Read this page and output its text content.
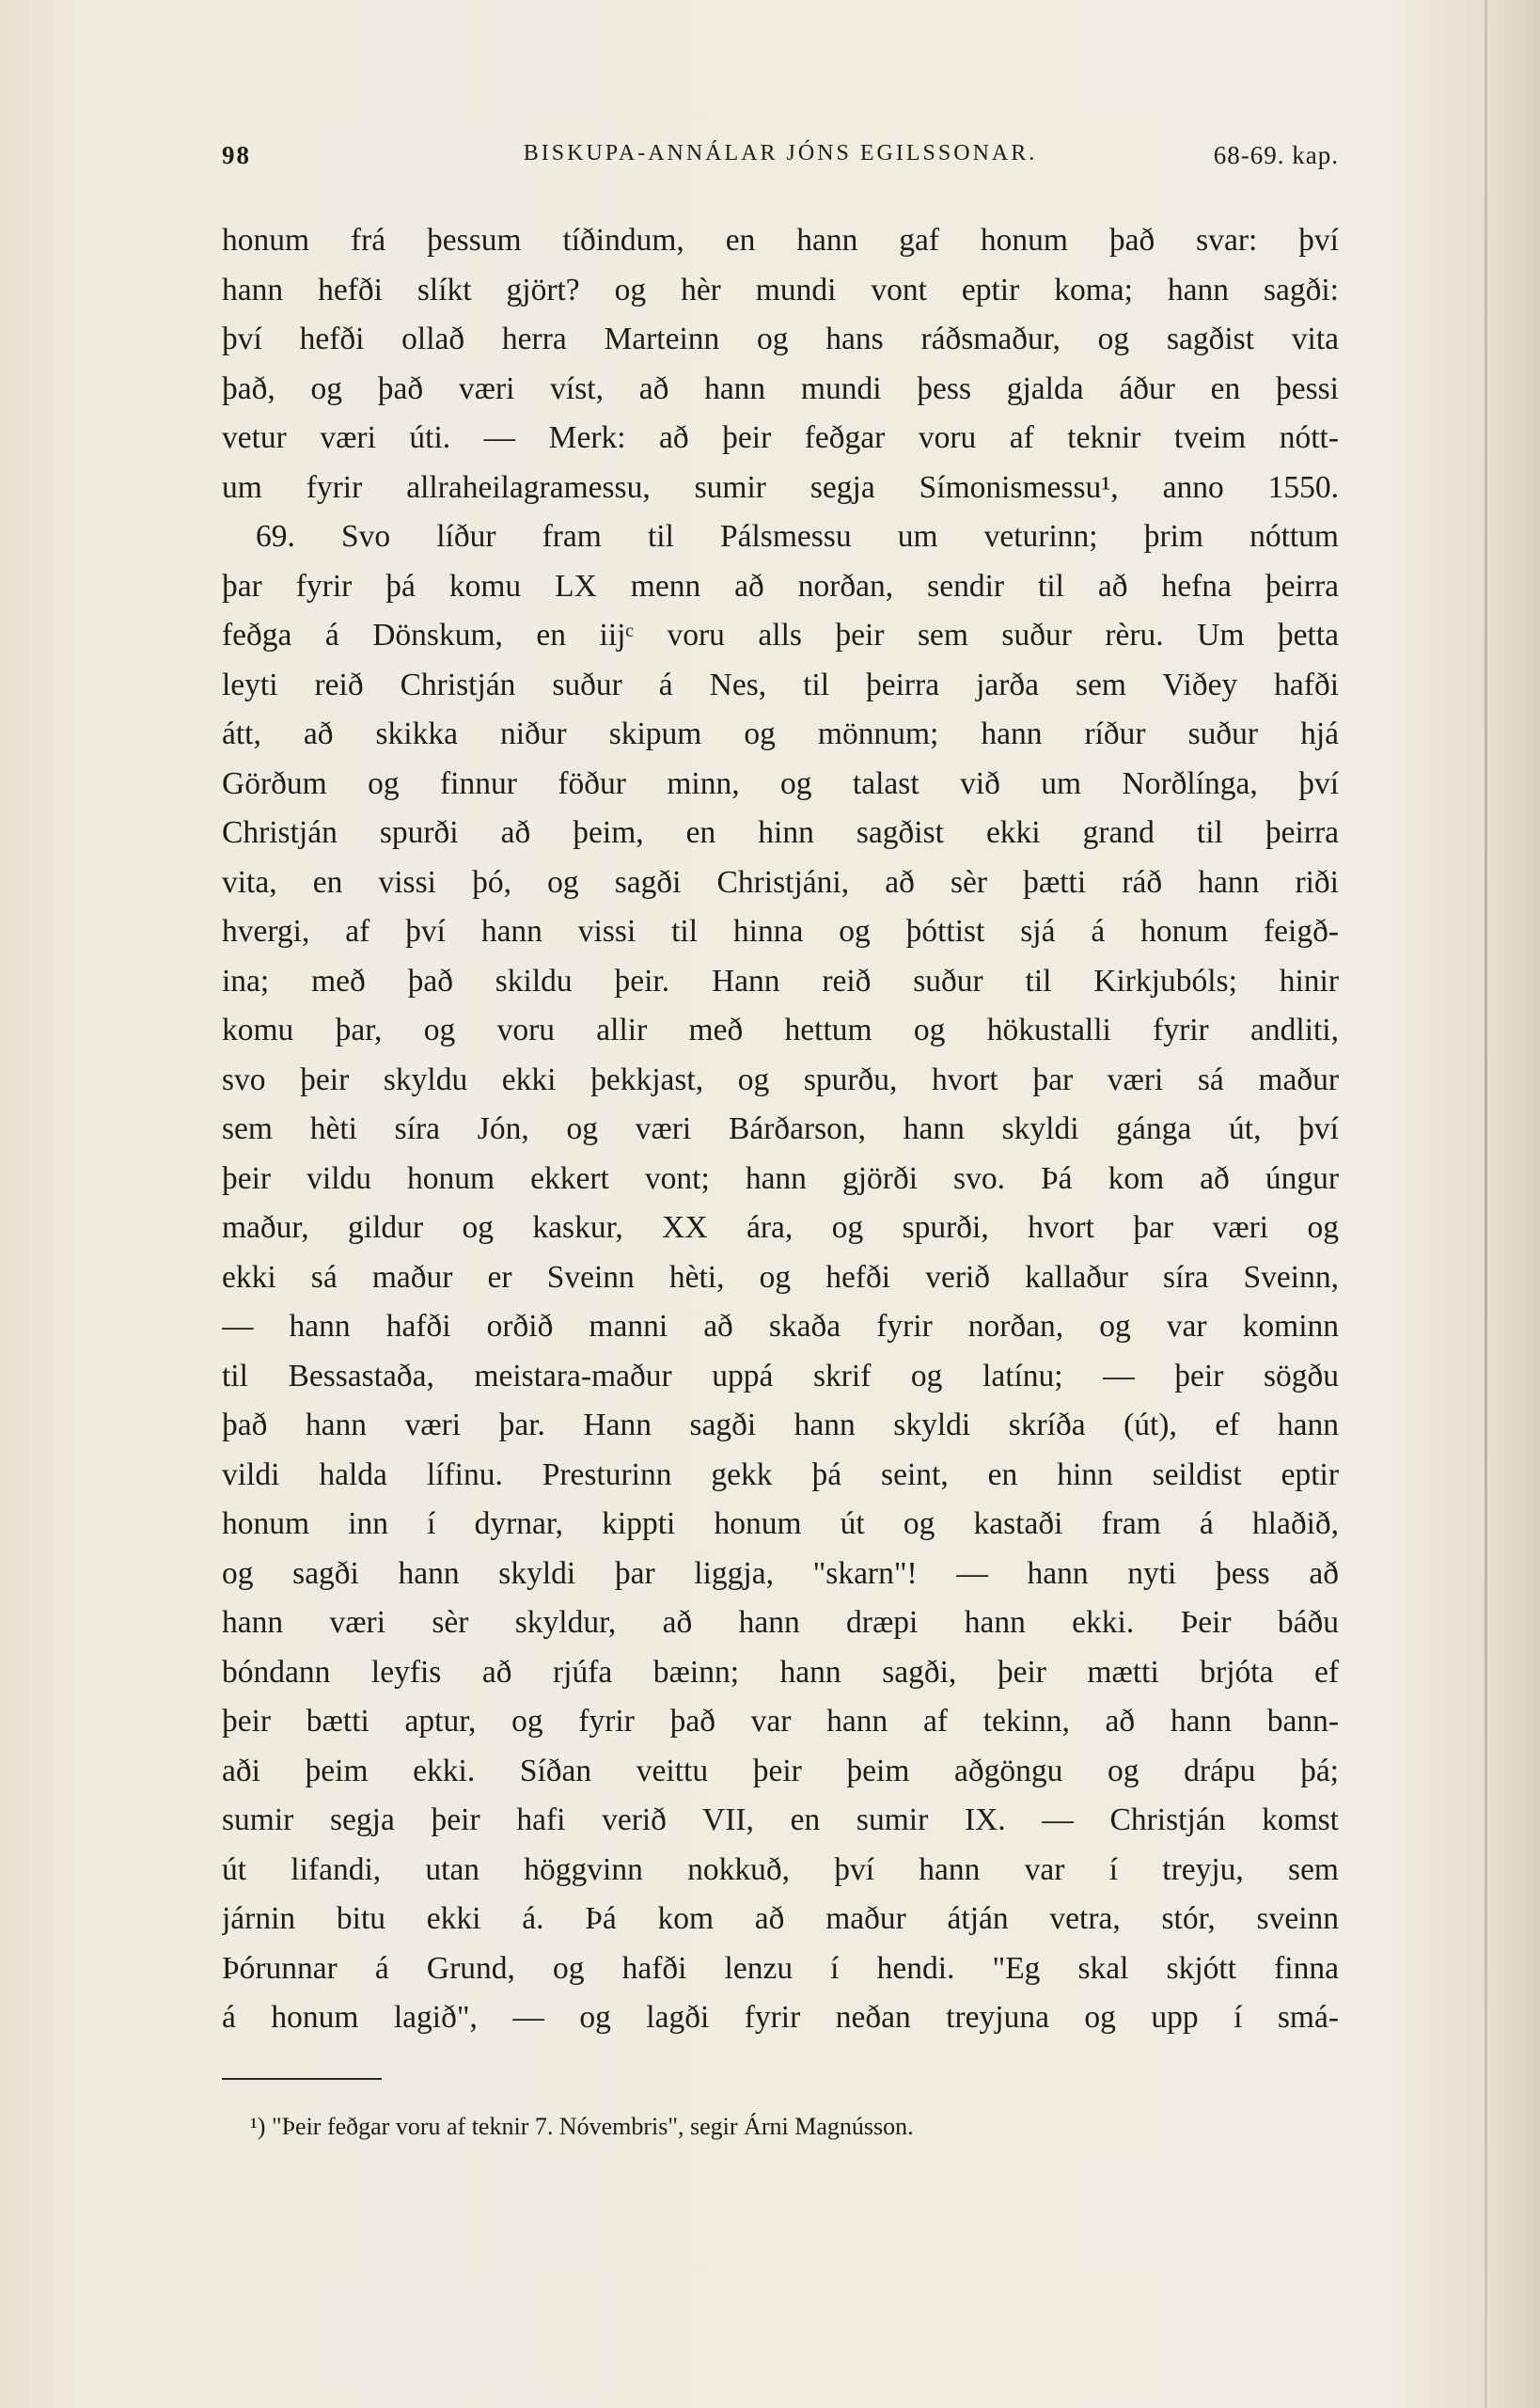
98	BISKUPA-ANNÁLAR JÓNS EGILSSONAR.	68-69. kap.
honum frá þessum tíðindum, en hann gaf honum það svar: því
hann hefði slíkt gjört? og hèr mundi vont eptir koma; hann sagði:
því hefði ollað herra Marteinn og hans ráðsmaður, og sagðist vita
það, og það væri víst, að hann mundi þess gjalda áður en þessi
vetur væri úti. — Merk: að þeir feðgar voru af teknir tveim nótt-
um fyrir allraheilagramessu, sumir segja Símonismessu¹, anno 1550.
69. Svo líður fram til Pálsmessu um veturinn; þrim nóttum
þar fyrir þá komu LX menn að norðan, sendir til að hefna þeirra
feðga á Dönskum, en iijᶜ voru alls þeir sem suður rèru. Um þetta
leyti reið Christján suður á Nes, til þeirra jarða sem Viðey hafði
átt, að skikka niður skipum og mönnum; hann ríður suður hjá
Görðum og finnur föður minn, og talast við um Norðlínga, því
Christján spurði að þeim, en hinn sagðist ekki grand til þeirra
vita, en vissi þó, og sagði Christjáni, að sèr þætti ráð hann riði
hvergi, af því hann vissi til hinna og þóttist sjá á honum feigð-
ina; með það skildu þeir. Hann reið suður til Kirkjubóls; hinir
komu þar, og voru allir með hettum og hökustalli fyrir andliti,
svo þeir skyldu ekki þekkjast, og spurðu, hvort þar væri sá maður
sem hèti síra Jón, og væri Bárðarson, hann skyldi gánga út, því
þeir vildu honum ekkert vont; hann gjörði svo. Þá kom að úngur
maður, gildur og kaskur, XX ára, og spurði, hvort þar væri og
ekki sá maður er Sveinn hèti, og hefði verið kallaður síra Sveinn,
— hann hafði orðið manni að skaða fyrir norðan, og var kominn
til Bessastaða, meistara-maður uppá skrif og latínu; — þeir sögðu
það hann væri þar. Hann sagði hann skyldi skríða (út), ef hann
vildi halda lífinu. Presturinn gekk þá seint, en hinn seildist eptir
honum inn í dyrnar, kippti honum út og kastaði fram á hlaðið,
og sagði hann skyldi þar liggja, "skarn"! — hann nyti þess að
hann væri sèr skyldur, að hann dræpi hann ekki. Þeir báðu
bóndann leyfis að rjúfa bæinn; hann sagði, þeir mætti brjóta ef
þeir bætti aptur, og fyrir það var hann af tekinn, að hann bann-
aði þeim ekki. Síðan veittu þeir þeim aðgöngu og drápu þá;
sumir segja þeir hafi verið VII, en sumir IX. — Christján komst
út lifandi, utan höggvinn nokkuð, því hann var í treyju, sem
járnin bitu ekki á. Þá kom að maður átján vetra, stór, sveinn
Þórunnar á Grund, og hafði lenzu í hendi. "Eg skal skjótt finna
á honum lagið", — og lagði fyrir neðan treyjuna og upp í smá-
¹) "Þeir feðgar voru af teknir 7. Nóvembris", segir Árni Magnússon.
